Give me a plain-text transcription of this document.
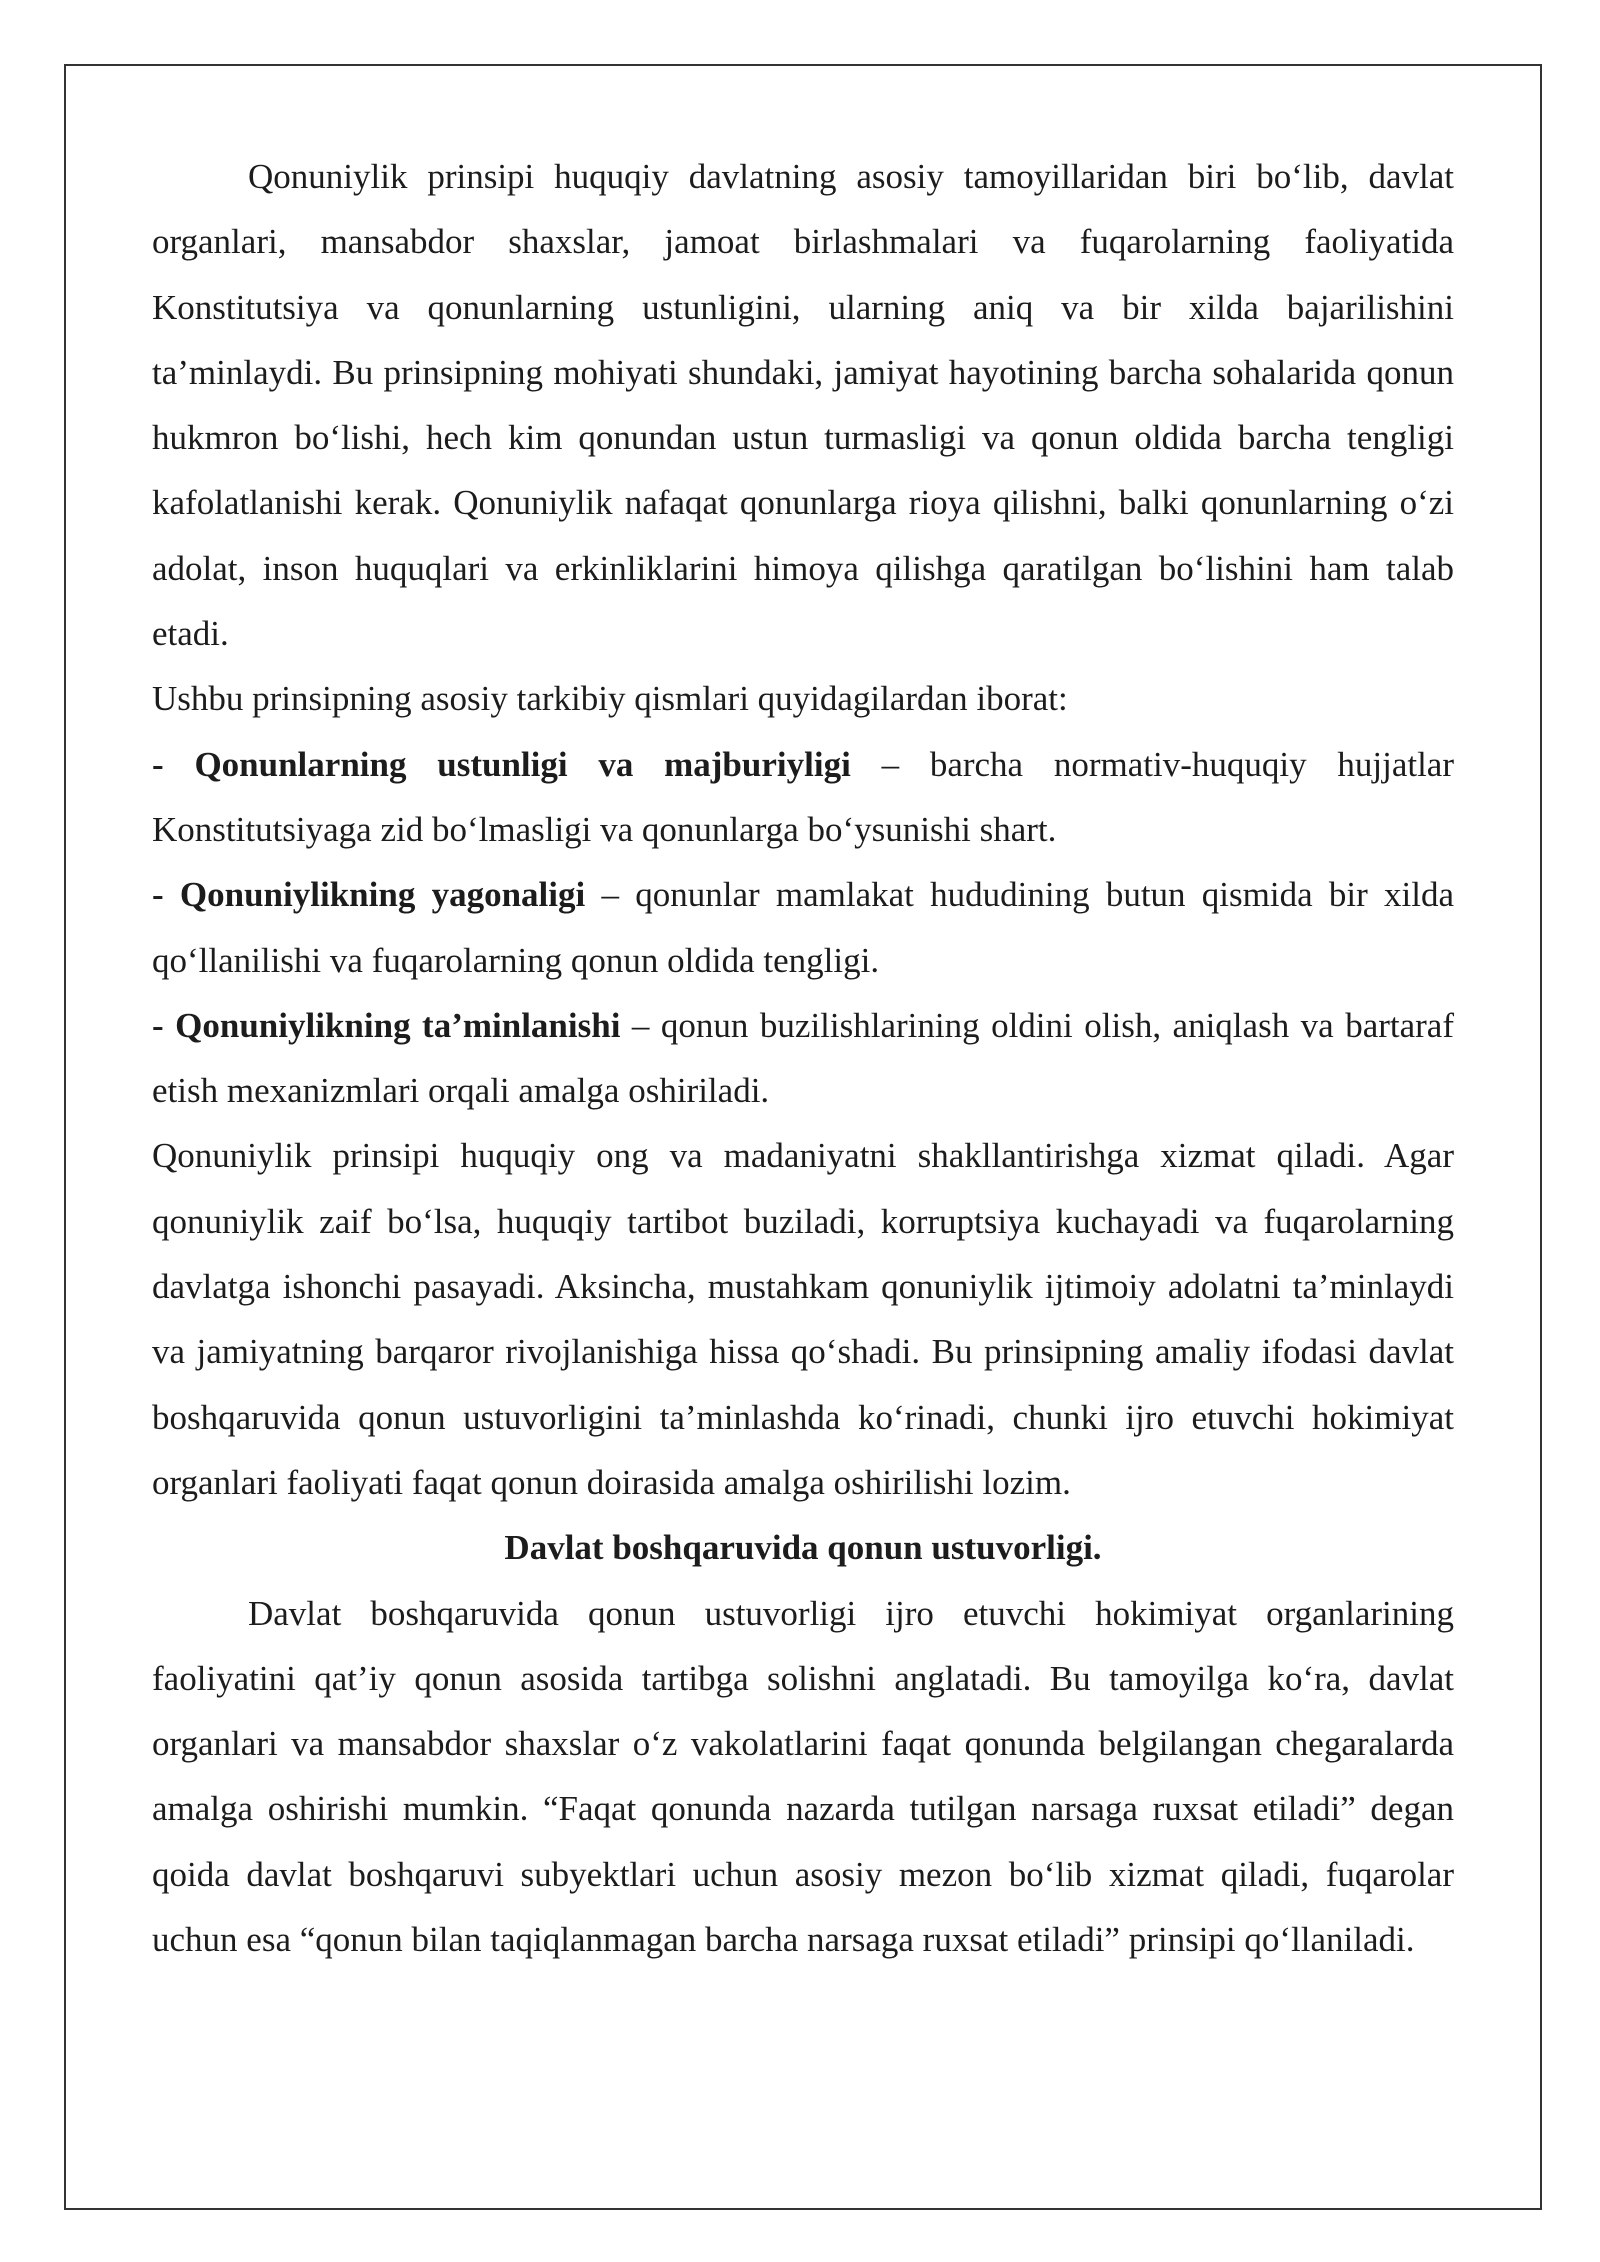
Qonuniylik prinsipi huquqiy davlatning asosiy tamoyillaridan biri bo‘lib, davlat organlari, mansabdor shaxslar, jamoat birlashmalari va fuqarolarning faoliyatida Konstitutsiya va qonunlarning ustunligini, ularning aniq va bir xilda bajarilishini ta’minlaydi. Bu prinsipning mohiyati shundaki, jamiyat hayotining barcha sohalarida qonun hukmron bo‘lishi, hech kim qonundan ustun turmasligi va qonun oldida barcha tengligi kafolatlanishi kerak. Qonuniylik nafaqat qonunlarga rioya qilishni, balki qonunlarning o‘zi adolat, inson huquqlari va erkinliklarini himoya qilishga qaratilgan bo‘lishini ham talab etadi.

Ushbu prinsipning asosiy tarkibiy qismlari quyidagilardan iborat:

- Qonunlarning ustunligi va majburiyligi – barcha normativ-huquqiy hujjatlar Konstitutsiyaga zid bo‘lmasligi va qonunlarga bo‘ysunishi shart.

- Qonuniylikning yagonaligi – qonunlar mamlakat hududining butun qismida bir xilda qo‘llanilishi va fuqarolarning qonun oldida tengligi.

- Qonuniylikning ta’minlanishi – qonun buzilishlarining oldini olish, aniqlash va bartaraf etish mexanizmlari orqali amalga oshiriladi.

Qonuniylik prinsipi huquqiy ong va madaniyatni shakllantirishga xizmat qiladi. Agar qonuniylik zaif bo‘lsa, huquqiy tartibot buziladi, korruptsiya kuchayadi va fuqarolarning davlatga ishonchi pasayadi. Aksincha, mustahkam qonuniylik ijtimoiy adolatni ta’minlaydi va jamiyatning barqaror rivojlanishiga hissa qo‘shadi. Bu prinsipning amaliy ifodasi davlat boshqaruvida qonun ustuvorligini ta’minlashda ko‘rinadi, chunki ijro etuvchi hokimiyat organlari faoliyati faqat qonun doirasida amalga oshirilishi lozim.

Davlat boshqaruvida qonun ustuvorligi.

Davlat boshqaruvida qonun ustuvorligi ijro etuvchi hokimiyat organlarining faoliyatini qat’iy qonun asosida tartibga solishni anglatadi. Bu tamoyilga ko‘ra, davlat organlari va mansabdor shaxslar o‘z vakolatlarini faqat qonunda belgilangan chegaralarda amalga oshirishi mumkin. “Faqat qonunda nazarda tutilgan narsaga ruxsat etiladi” degan qoida davlat boshqaruvi subyektlari uchun asosiy mezon bo‘lib xizmat qiladi, fuqarolar uchun esa “qonun bilan taqiqlanmagan barcha narsaga ruxsat etiladi” prinsipi qo‘llaniladi.
